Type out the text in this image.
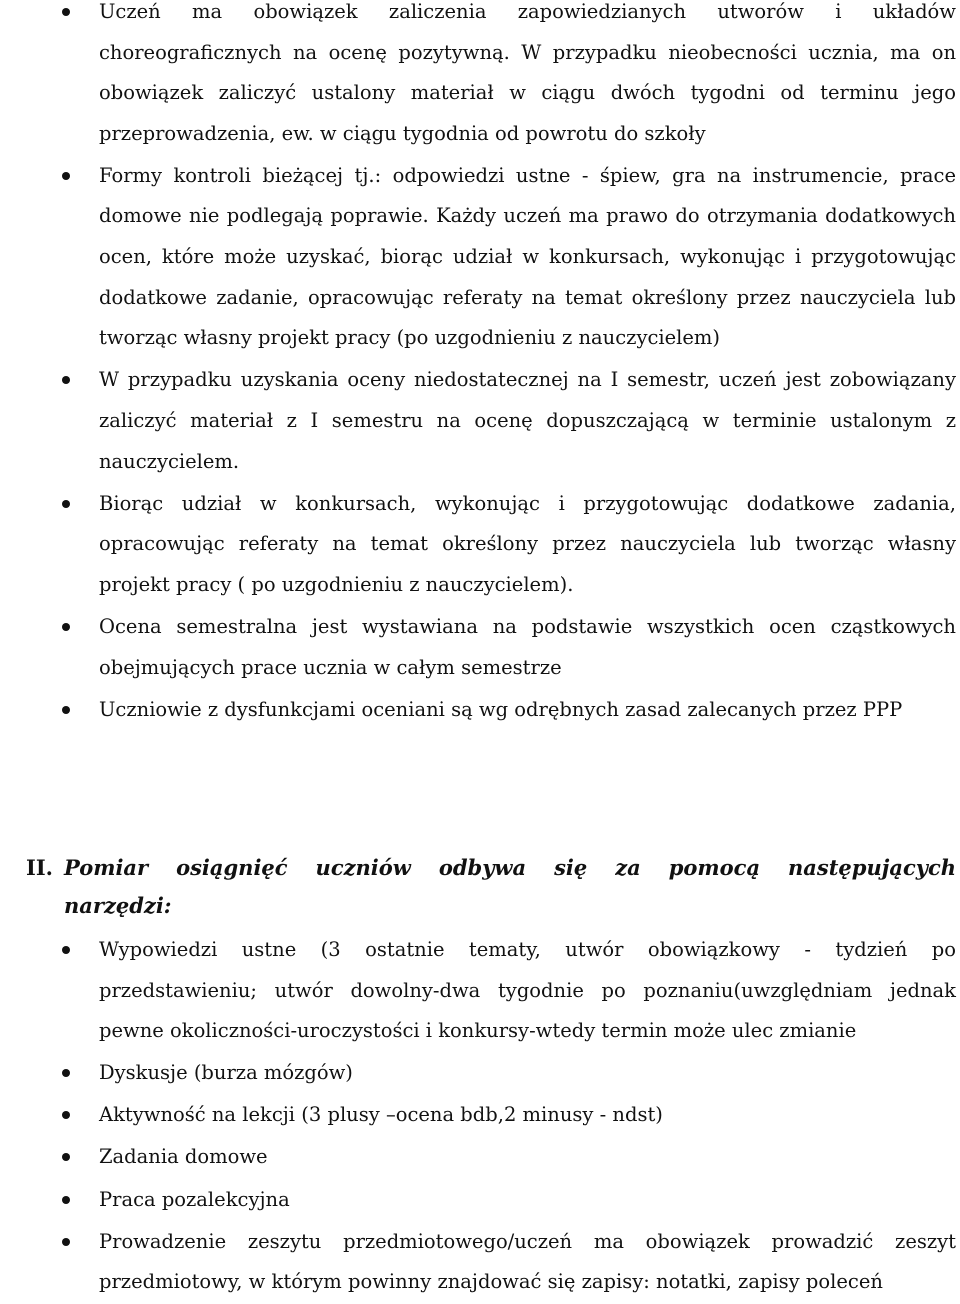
Uczeń ma obowiązek zaliczenia zapowiedzianych utworów i układów choreograficznych na ocenę pozytywną. W przypadku nieobecności ucznia, ma on obowiązek zaliczyć ustalony materiał w ciągu dwóch tygodni od terminu jego przeprowadzenia, ew. w ciągu tygodnia od powrotu do szkoły
Formy kontroli bieżącej tj.: odpowiedzi ustne - śpiew, gra na instrumencie, prace domowe nie podlegają poprawie. Każdy uczeń ma prawo do otrzymania dodatkowych ocen, które może uzyskać, biorąc udział w konkursach, wykonując i przygotowując dodatkowe zadanie, opracowując referaty na temat określony przez nauczyciela lub tworząc własny projekt pracy (po uzgodnieniu z nauczycielem)
W przypadku uzyskania oceny niedostatecznej na I semestr, uczeń jest zobowiązany zaliczyć materiał z I semestru na ocenę dopuszczającą w terminie ustalonym z nauczycielem.
Biorąc udział w konkursach, wykonując i przygotowując dodatkowe zadania, opracowując referaty na temat określony przez nauczyciela lub tworząc własny projekt pracy ( po uzgodnieniu z nauczycielem).
Ocena semestralna jest wystawiana na podstawie wszystkich ocen cząstkowych obejmujących prace ucznia w całym semestrze
Uczniowie z dysfunkcjami oceniani są wg odrębnych zasad zalecanych przez PPP
II. Pomiar osiągnięć uczniów odbywa się za pomocą następujących narzędzi:
Wypowiedzi ustne (3 ostatnie tematy, utwór obowiązkowy - tydzień po przedstawieniu; utwór dowolny-dwa tygodnie po poznaniu(uwzględniam jednak pewne okoliczności-uroczystości i konkursy-wtedy termin może ulec zmianie
Dyskusje (burza mózgów)
Aktywność na lekcji (3 plusy –ocena bdb,2 minusy - ndst)
Zadania domowe
Praca pozalekcyjna
Prowadzenie zeszytu przedmiotowego/uczeń ma obowiązek prowadzić zeszyt przedmiotowy, w którym powinny znajdować się zapisy: notatki, zapisy poleceń
